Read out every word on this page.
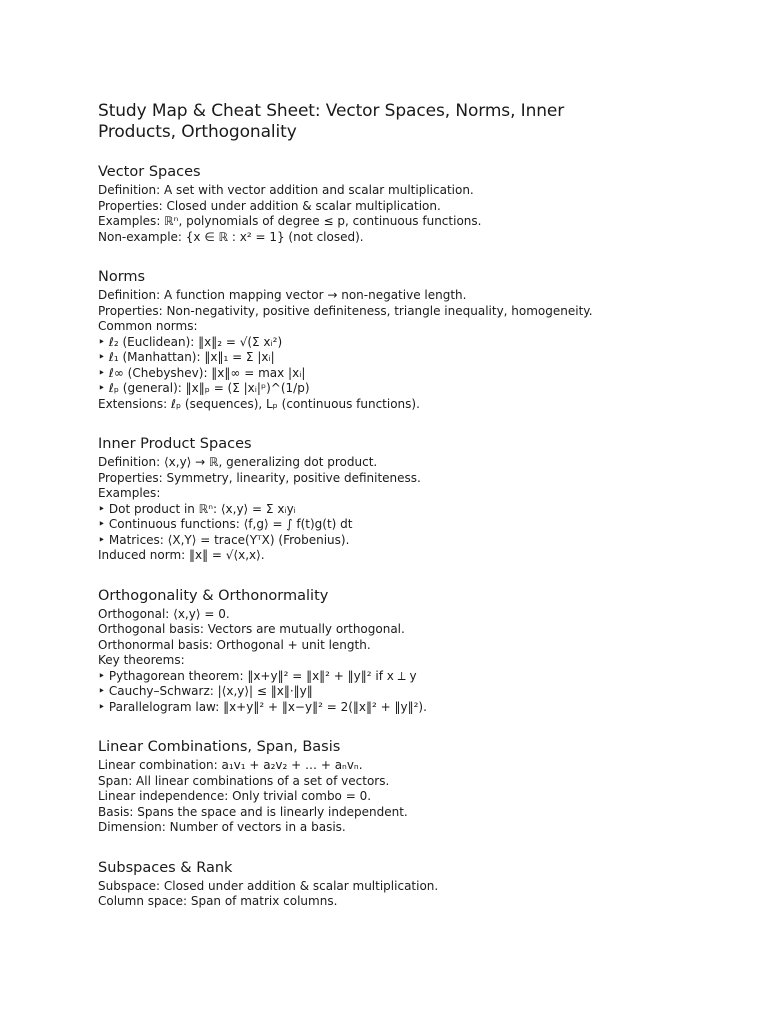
Study Map & Cheat Sheet: Vector Spaces, Norms, Inner
Products, Orthogonality
Vector Spaces
Definition: A set with vector addition and scalar multiplication.
Properties: Closed under addition & scalar multiplication.
Examples: ℝⁿ, polynomials of degree ≤ p, continuous functions.
Non-example: {x ∈ ℝ : x² = 1} (not closed).
Norms
Definition: A function mapping vector → non-negative length.
Properties: Non-negativity, positive definiteness, triangle inequality, homogeneity.
Common norms:
‣ ℓ₂ (Euclidean): ‖x‖₂ = √(Σ xᵢ²)
‣ ℓ₁ (Manhattan): ‖x‖₁ = Σ |xᵢ|
‣ ℓ∞ (Chebyshev): ‖x‖∞ = max |xᵢ|
‣ ℓₚ (general): ‖x‖ₚ = (Σ |xᵢ|ᵖ)^(1/p)
Extensions: ℓₚ (sequences), Lₚ (continuous functions).
Inner Product Spaces
Definition: ⟨x,y⟩ → ℝ, generalizing dot product.
Properties: Symmetry, linearity, positive definiteness.
Examples:
‣ Dot product in ℝⁿ: ⟨x,y⟩ = Σ xᵢyᵢ
‣ Continuous functions: ⟨f,g⟩ = ∫ f(t)g(t) dt
‣ Matrices: ⟨X,Y⟩ = trace(YᵀX) (Frobenius).
Induced norm: ‖x‖ = √⟨x,x⟩.
Orthogonality & Orthonormality
Orthogonal: ⟨x,y⟩ = 0.
Orthogonal basis: Vectors are mutually orthogonal.
Orthonormal basis: Orthogonal + unit length.
Key theorems:
‣ Pythagorean theorem: ‖x+y‖² = ‖x‖² + ‖y‖² if x ⟂ y
‣ Cauchy–Schwarz: |⟨x,y⟩| ≤ ‖x‖·‖y‖
‣ Parallelogram law: ‖x+y‖² + ‖x−y‖² = 2(‖x‖² + ‖y‖²).
Linear Combinations, Span, Basis
Linear combination: a₁v₁ + a₂v₂ + … + aₙvₙ.
Span: All linear combinations of a set of vectors.
Linear independence: Only trivial combo = 0.
Basis: Spans the space and is linearly independent.
Dimension: Number of vectors in a basis.
Subspaces & Rank
Subspace: Closed under addition & scalar multiplication.
Column space: Span of matrix columns.
